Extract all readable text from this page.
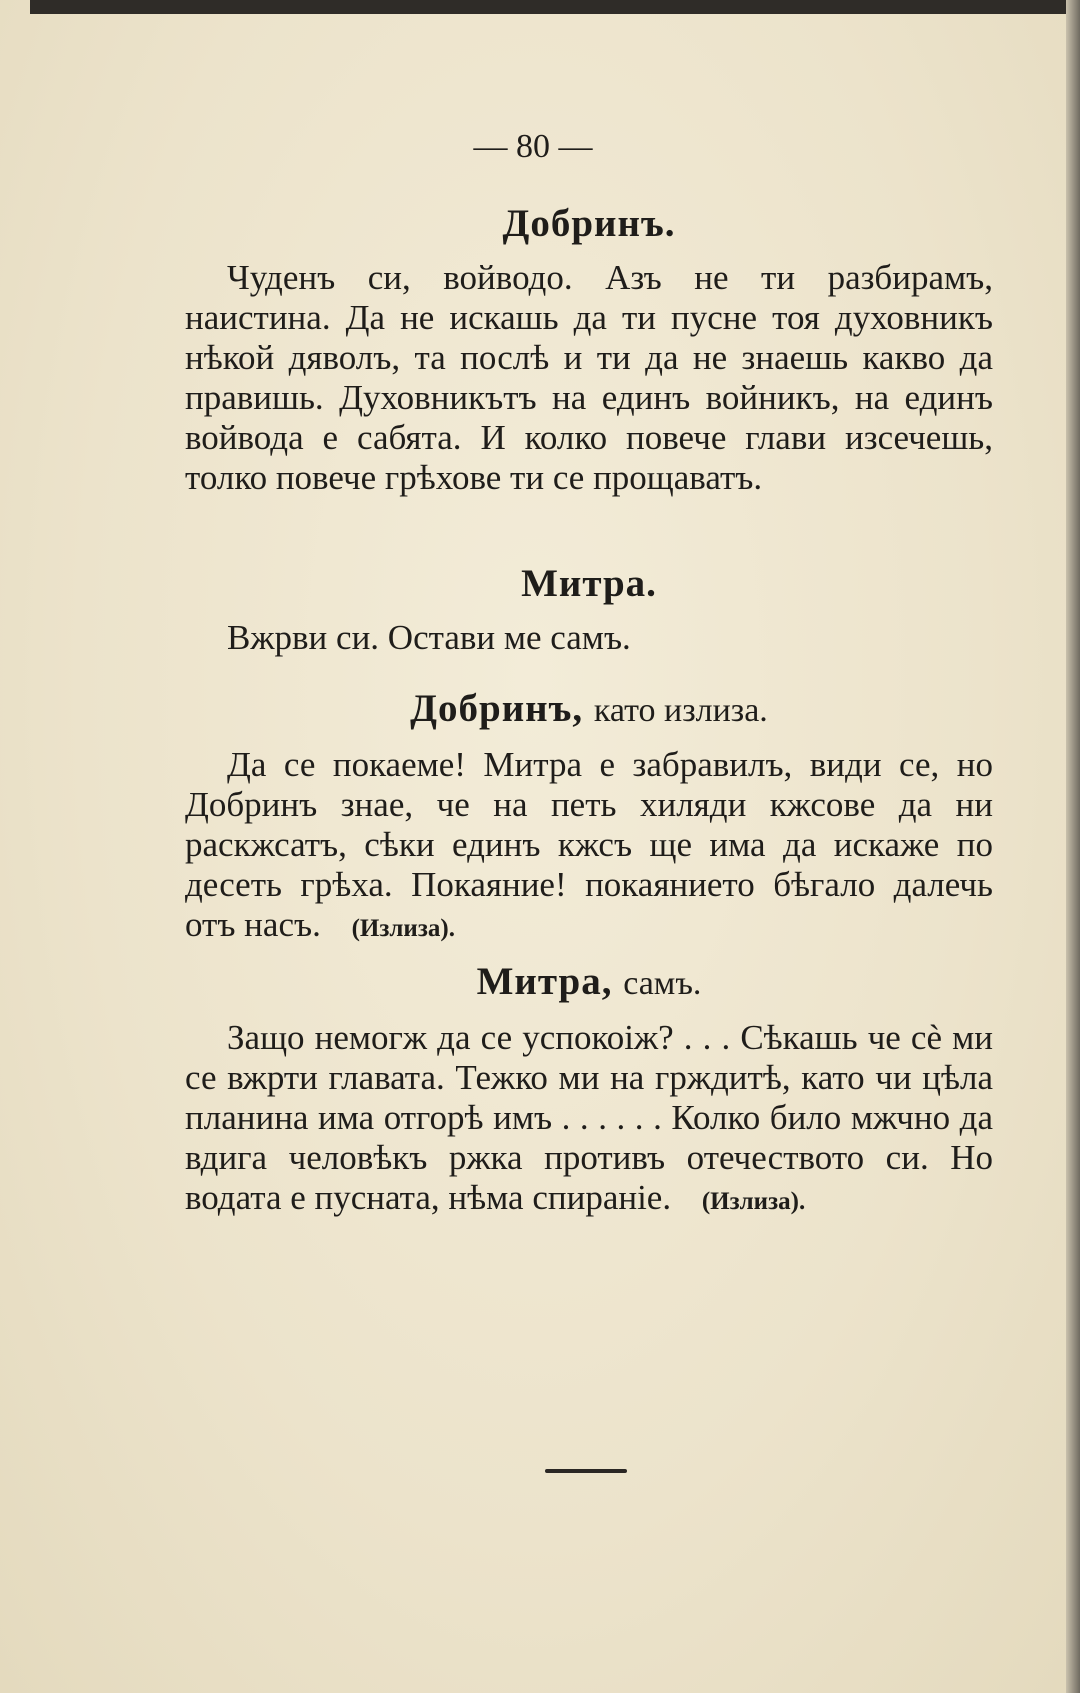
— 80 —
Добринъ.

Чуденъ си, войводо. Азъ не ти разбирамъ, наистина. Да не искашь да ти пусне тоя духовникъ нѣкой дяволъ, та послѣ и ти да не знаешь какво да правишь. Духовникътъ на единъ войникъ, на единъ войвода е сабята. И колко повече глави изсечешь, толко повече грѣхове ти се прощаватъ.

Митра.

Вжрви си. Остави ме самъ.

Добринъ, като излиза.

Да се покаеме! Митра е забравилъ, види се, но Добринъ знае, че на петь хиляди кжсове да ни раскжсатъ, сѣки единъ кжсъ ще има да искаже по десеть грѣха. Покаяние! покаянието бѣгало далечь отъ насъ. (Излиза).

Митра, самъ.

Защо немогж да се успокоіж? . . . Сѣкашь че сѐ ми се вжрти главата. Тежко ми на грждитѣ, като чи цѣла планина има отгорѣ имъ . . . . . . Колко било мжчно да вдига человѣкъ ржка противъ отечеството си. Но водата е пусната, нѣма спираніе. (Излиза).
